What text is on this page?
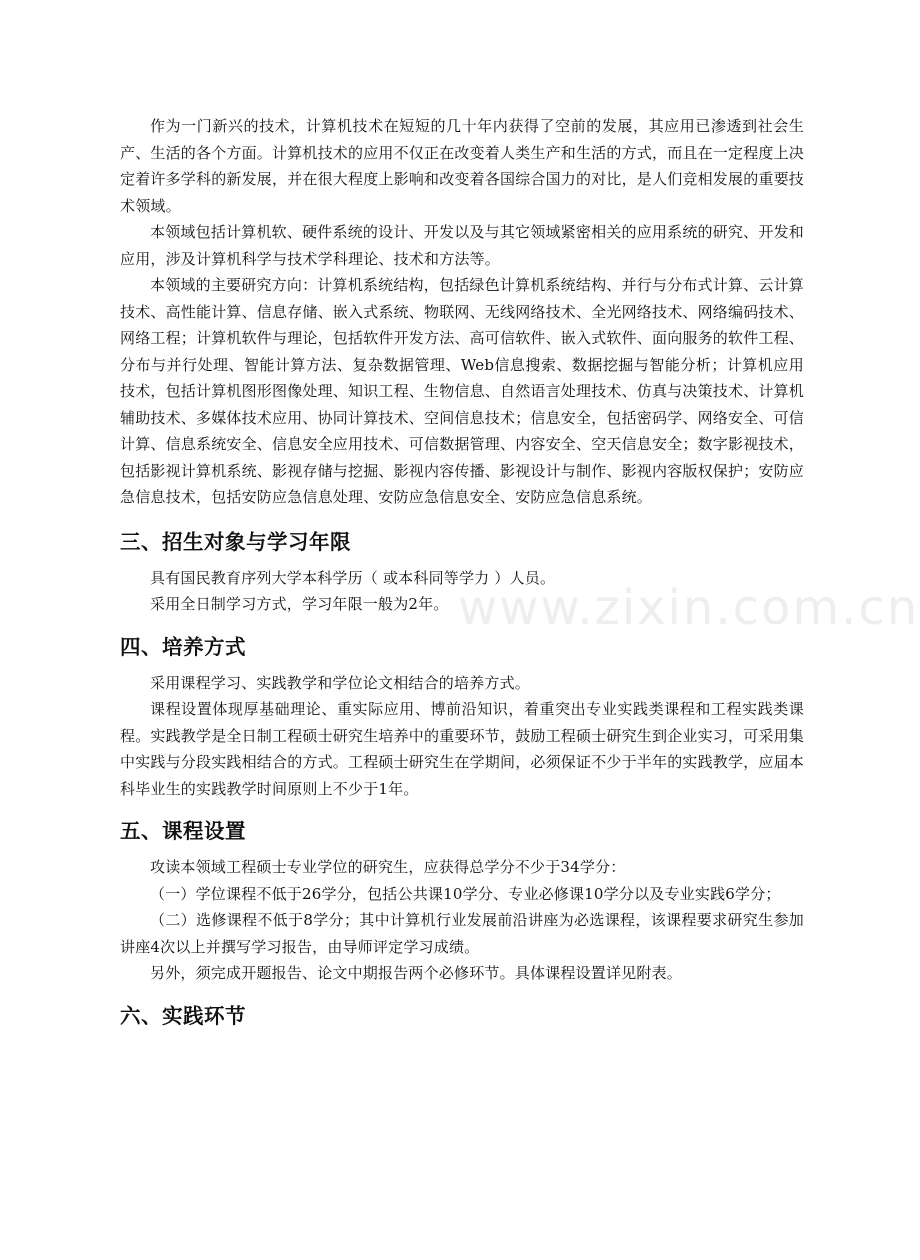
作为一门新兴的技术，计算机技术在短短的几十年内获得了空前的发展，其应用已渗透到社会生产、生活的各个方面。计算机技术的应用不仅正在改变着人类生产和生活的方式，而且在一定程度上决定着许多学科的新发展，并在很大程度上影响和改变着各国综合国力的对比，是人们竞相发展的重要技术领域。

本领域包括计算机软、硬件系统的设计、开发以及与其它领域紧密相关的应用系统的研究、开发和应用，涉及计算机科学与技术学科理论、技术和方法等。

本领域的主要研究方向：计算机系统结构，包括绿色计算机系统结构、并行与分布式计算、云计算技术、高性能计算、信息存储、嵌入式系统、物联网、无线网络技术、全光网络技术、网络编码技术、网络工程；计算机软件与理论，包括软件开发方法、高可信软件、嵌入式软件、面向服务的软件工程、分布与并行处理、智能计算方法、复杂数据管理、Web信息搜索、数据挖掘与智能分析；计算机应用技术，包括计算机图形图像处理、知识工程、生物信息、自然语言处理技术、仿真与决策技术、计算机辅助技术、多媒体技术应用、协同计算技术、空间信息技术；信息安全，包括密码学、网络安全、可信计算、信息系统安全、信息安全应用技术、可信数据管理、内容安全、空天信息安全；数字影视技术，包括影视计算机系统、影视存储与挖掘、影视内容传播、影视设计与制作、影视内容版权保护；安防应急信息技术，包括安防应急信息处理、安防应急信息安全、安防应急信息系统。

三、招生对象与学习年限

具有国民教育序列大学本科学历（ 或本科同等学力 ）人员。

采用全日制学习方式，学习年限一般为2年。

四、培养方式

采用课程学习、实践教学和学位论文相结合的培养方式。

课程设置体现厚基础理论、重实际应用、博前沿知识，着重突出专业实践类课程和工程实践类课程。实践教学是全日制工程硕士研究生培养中的重要环节，鼓励工程硕士研究生到企业实习，可采用集中实践与分段实践相结合的方式。工程硕士研究生在学期间，必须保证不少于半年的实践教学，应届本科毕业生的实践教学时间原则上不少于1年。

五、课程设置

攻读本领域工程硕士专业学位的研究生，应获得总学分不少于34学分：

（一）学位课程不低于26学分，包括公共课10学分、专业必修课10学分以及专业实践6学分；

（二）选修课程不低于8学分；其中计算机行业发展前沿讲座为必选课程，该课程要求研究生参加讲座4次以上并撰写学习报告，由导师评定学习成绩。

另外，须完成开题报告、论文中期报告两个必修环节。具体课程设置详见附表。

六、实践环节
www.zixin.com.cn
